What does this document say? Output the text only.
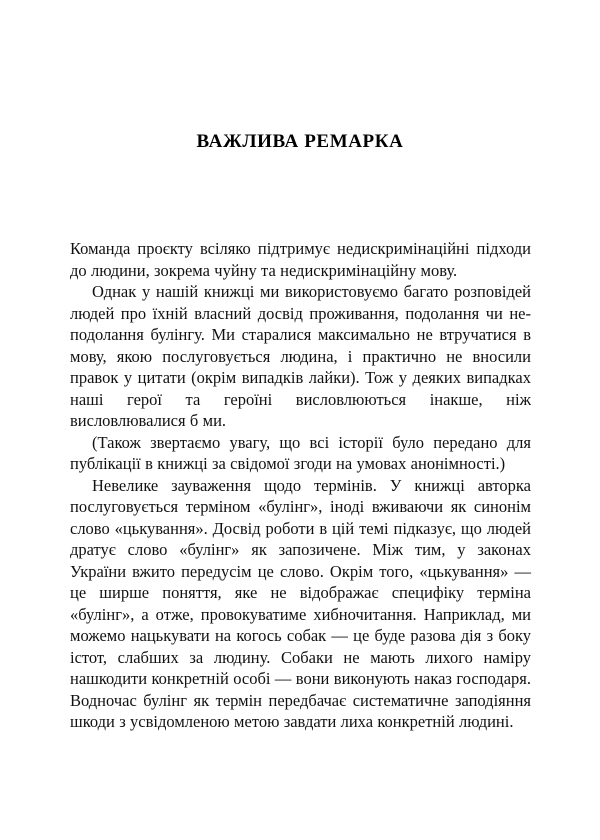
ВАЖЛИВА РЕМАРКА

Команда проєкту всіляко підтримує недискримінаційні підходи до людини, зокрема чуйну та недискримінаційну мову.

Однак у нашій книжці ми використовуємо багато розповідей людей про їхній власний досвід проживання, подолання чи не-подолання булінгу. Ми старалися максимально не втручатися в мову, якою послуговується людина, і практично не вносили правок у цитати (окрім випадків лайки). Тож у деяких випадках наші герої та героїні висловлюються інакше, ніж висловлювалися б ми.

(Також звертаємо увагу, що всі історії було передано для публікації в книжці за свідомої згоди на умовах анонімності.)

Невелике зауваження щодо термінів. У книжці авторка послуговується терміном «булінг», іноді вживаючи як синонім слово «цькування». Досвід роботи в цій темі підказує, що людей дратує слово «булінг» як запозичене. Між тим, у законах України вжито передусім це слово. Окрім того, «цькування» — це ширше поняття, яке не відображає специфіку терміна «булінг», а отже, провокуватиме хибночитання. Наприклад, ми можемо нацькувати на когось собак — це буде разова дія з боку істот, слабших за людину. Собаки не мають лихого наміру нашкодити конкретній особі — вони виконують наказ господаря. Водночас булінг як термін передбачає систематичне заподіяння шкоди з усвідомленою метою завдати лиха конкретній людині.
